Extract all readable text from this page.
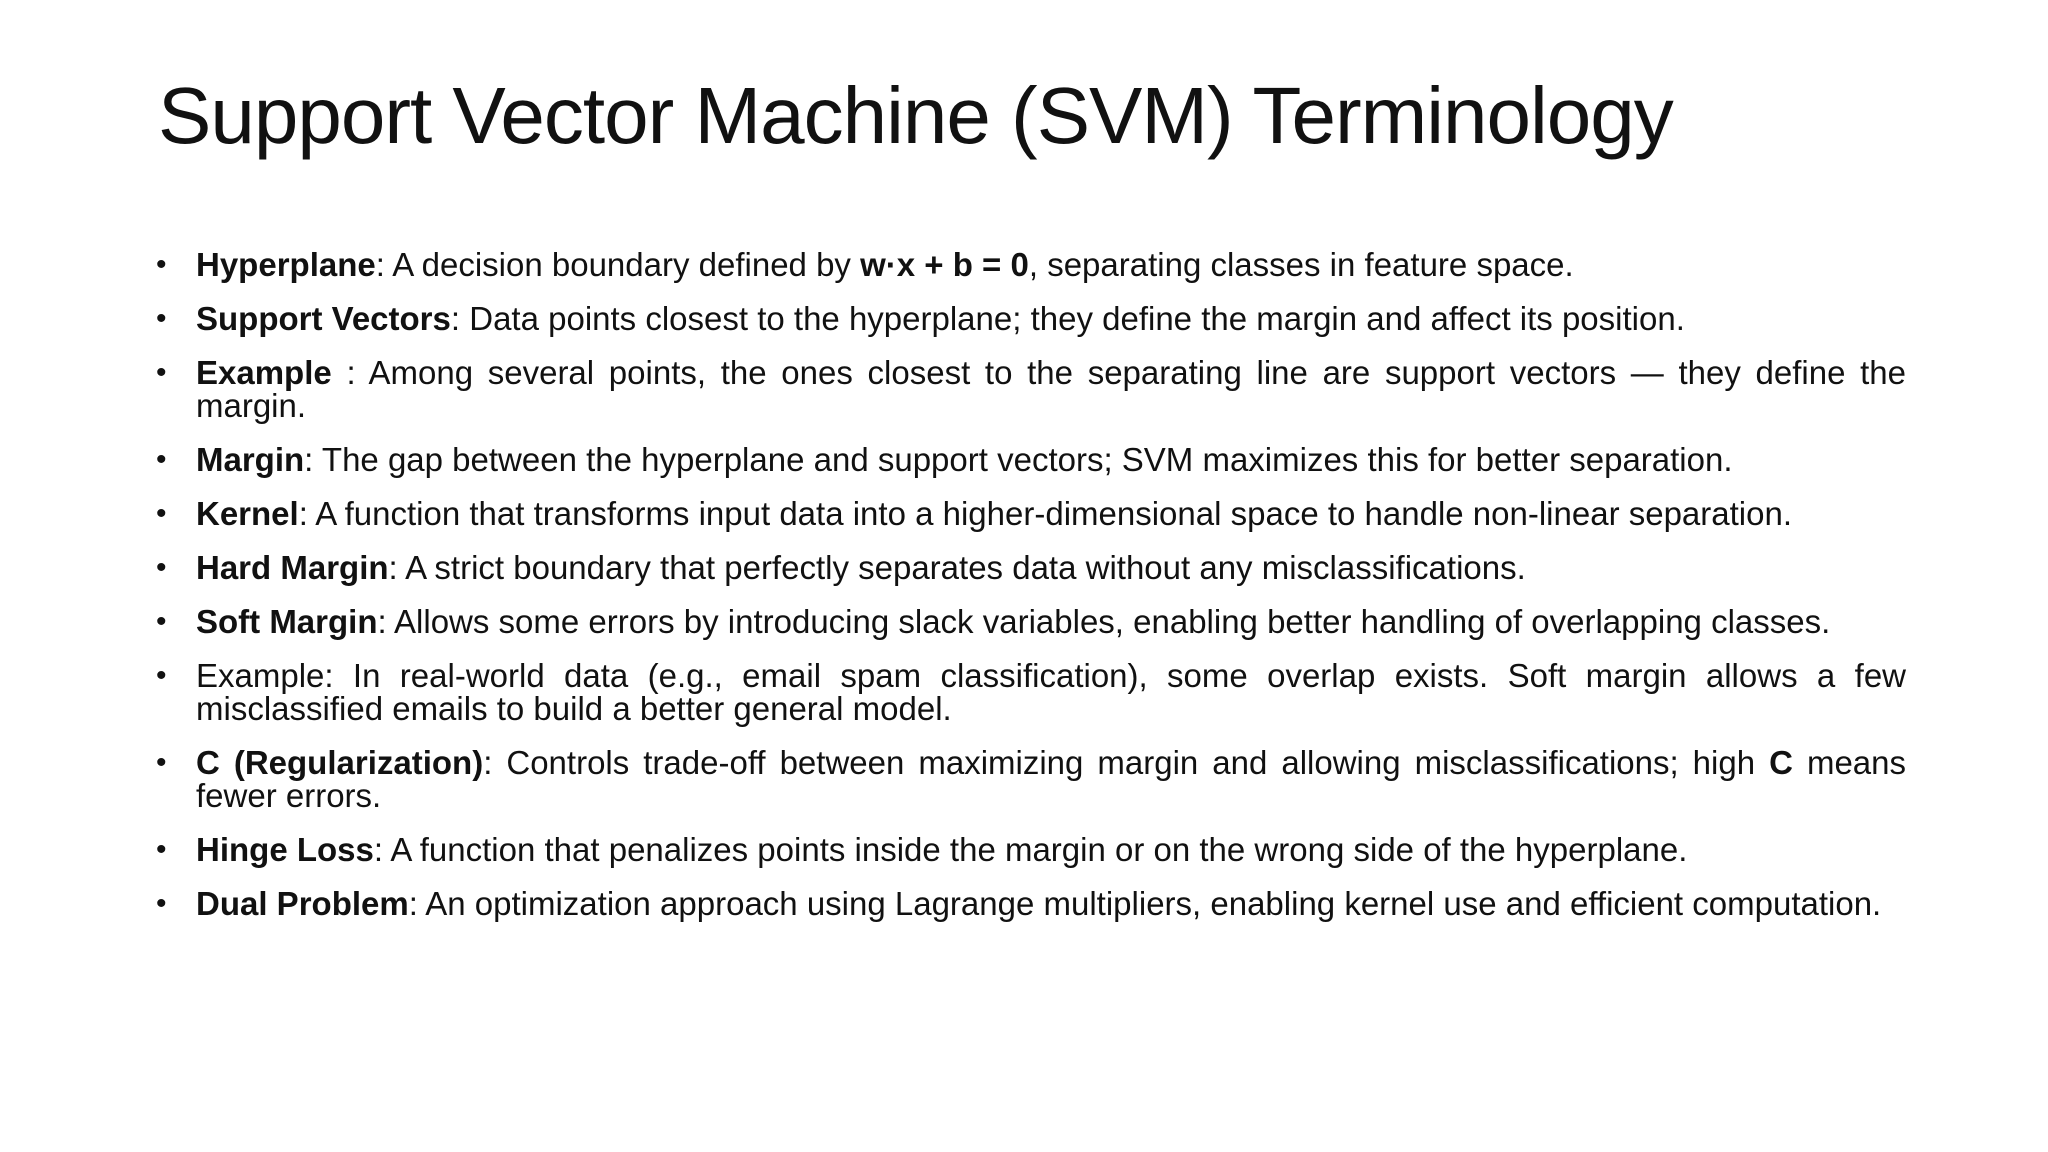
Support Vector Machine (SVM) Terminology
• Hyperplane: A decision boundary defined by w·x + b = 0, separating classes in feature space.
• Support Vectors: Data points closest to the hyperplane; they define the margin and affect its position.
• Example : Among several points, the ones closest to the separating line are support vectors — they define the margin.
• Margin: The gap between the hyperplane and support vectors; SVM maximizes this for better separation.
• Kernel: A function that transforms input data into a higher-dimensional space to handle non-linear separation.
• Hard Margin: A strict boundary that perfectly separates data without any misclassifications.
• Soft Margin: Allows some errors by introducing slack variables, enabling better handling of overlapping classes.
• Example: In real-world data (e.g., email spam classification), some overlap exists. Soft margin allows a few misclassified emails to build a better general model.
• C (Regularization): Controls trade-off between maximizing margin and allowing misclassifications; high C means fewer errors.
• Hinge Loss: A function that penalizes points inside the margin or on the wrong side of the hyperplane.
• Dual Problem: An optimization approach using Lagrange multipliers, enabling kernel use and efficient computation.
